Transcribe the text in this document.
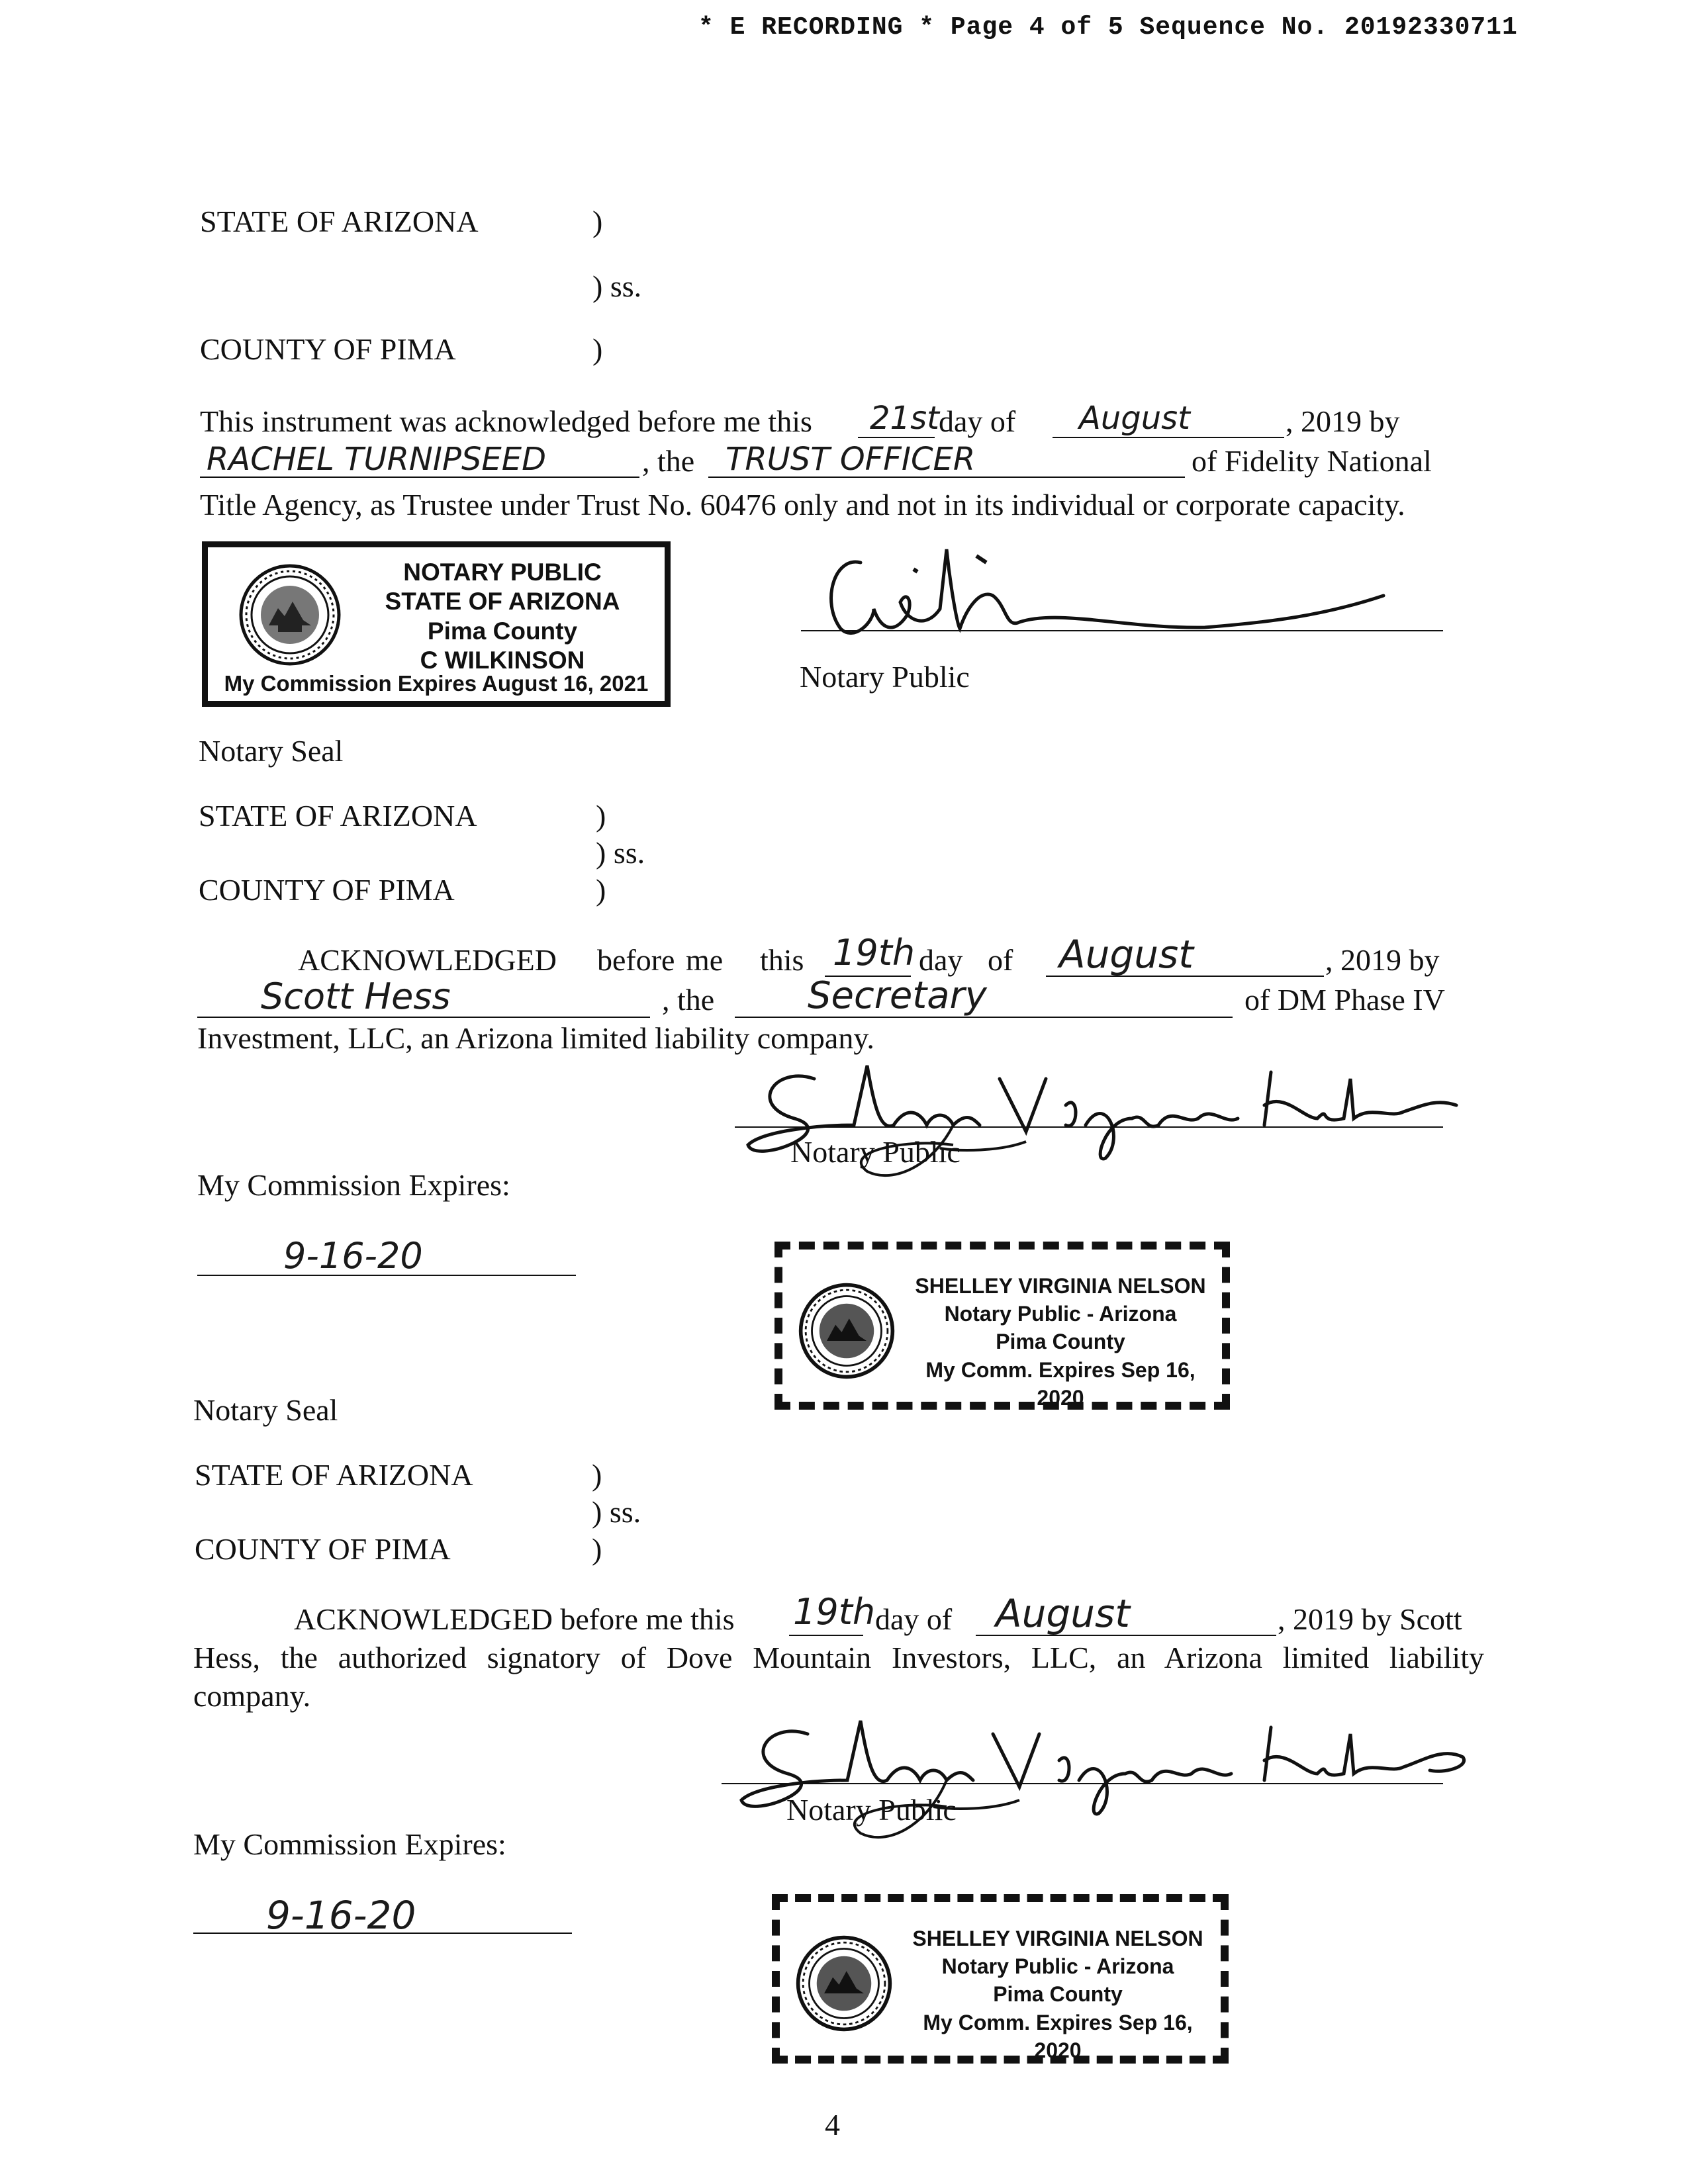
* E RECORDING * Page 4 of 5 Sequence No. 20192330711
STATE OF ARIZONA	)
) ss.
COUNTY OF PIMA	)
This instrument was acknowledged before me this 21st day of August	, 2019 by
RACHEL TURNIPSEED	, the TRUST OFFICER	of Fidelity National
Title Agency, as Trustee under Trust No. 60476 only and not in its individual or corporate capacity.
NOTARY PUBLIC
STATE OF ARIZONA
Pima County
C WILKINSON
My Commission Expires August 16, 2021	Notary Public
Notary Seal
STATE OF ARIZONA	)
) ss.
COUNTY OF PIMA	)
ACKNOWLEDGED before me this 19th day of August	, 2019 by
Scott Hess	, the	Secretary	of DM Phase IV
Investment, LLC, an Arizona limited liability company.
Notary Public
My Commission Expires:
9-16-20
SHELLEY VIRGINIA NELSON
Notary Public - Arizona
Pima County
My Comm. Expires Sep 16, 2020
Notary Seal
STATE OF ARIZONA	)
) ss.
COUNTY OF PIMA	)
ACKNOWLEDGED before me this 19th day of August	, 2019 by Scott
Hess, the authorized signatory of Dove Mountain Investors, LLC, an Arizona limited liability
company.
Notary Public
My Commission Expires:
9-16-20
SHELLEY VIRGINIA NELSON
Notary Public - Arizona
Pima County
My Comm. Expires Sep 16, 2020
4
